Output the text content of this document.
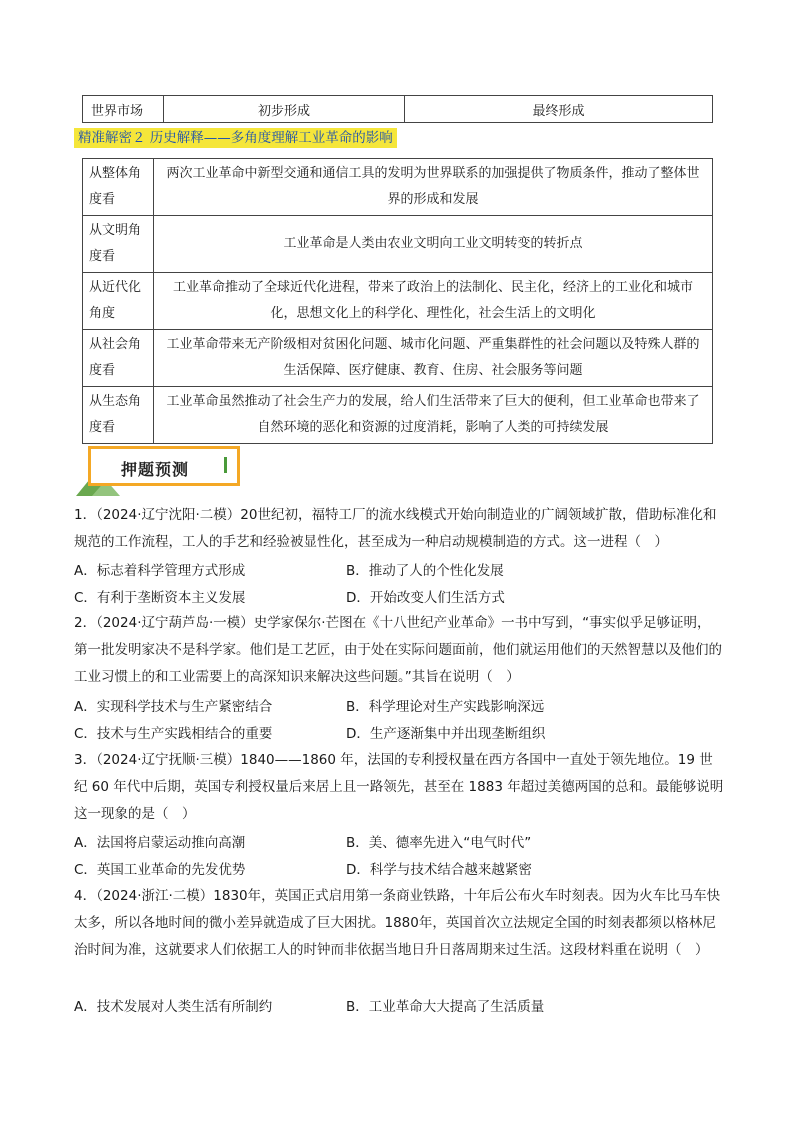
世界市场	初步形成	最终形成
精准解密２ 历史解释——多角度理解工业革命的影响
从整体角度看	两次工业革命中新型交通和通信工具的发明为世界联系的加强提供了物质条件，推动了整体世界的形成和发展
从文明角度看	工业革命是人类由农业文明向工业文明转变的转折点
从近代化角度	工业革命推动了全球近代化进程，带来了政治上的法制化、民主化，经济上的工业化和城市化，思想文化上的科学化、理性化，社会生活上的文明化
从社会角度看	工业革命带来无产阶级相对贫困化问题、城市化问题、严重集群性的社会问题以及特殊人群的生活保障、医疗健康、教育、住房、社会服务等问题
从生态角度看	工业革命虽然推动了社会生产力的发展，给人们生活带来了巨大的便利，但工业革命也带来了自然环境的恶化和资源的过度消耗，影响了人类的可持续发展
押题预测
1．（2024·辽宁沈阳·二模）20世纪初，福特工厂的流水线模式开始向制造业的广阔领域扩散，借助标准化和规范的工作流程，工人的手艺和经验被显性化，甚至成为一种启动规模制造的方式。这一进程（　）
A．标志着科学管理方式形成	B．推动了人的个性化发展
C．有利于垄断资本主义发展	D．开始改变人们生活方式
2．（2024·辽宁葫芦岛·一模）史学家保尔·芒图在《十八世纪产业革命》一书中写到，“事实似乎足够证明，第一批发明家决不是科学家。他们是工艺匠，由于处在实际问题面前，他们就运用他们的天然智慧以及他们的工业习惯上的和工业需要上的高深知识来解决这些问题。”其旨在说明（　）
A．实现科学技术与生产紧密结合	B．科学理论对生产实践影响深远
C．技术与生产实践相结合的重要	D．生产逐渐集中并出现垄断组织
3．（2024·辽宁抚顺·三模）1840——1860 年，法国的专利授权量在西方各国中一直处于领先地位。19 世纪 60 年代中后期，英国专利授权量后来居上且一路领先，甚至在 1883 年超过美德两国的总和。最能够说明这一现象的是（　）
A．法国将启蒙运动推向高潮	B．美、德率先进入“电气时代”
C．英国工业革命的先发优势	D．科学与技术结合越来越紧密
4．（2024·浙江·二模）1830年，英国正式启用第一条商业铁路，十年后公布火车时刻表。因为火车比马车快太多，所以各地时间的微小差异就造成了巨大困扰。1880年，英国首次立法规定全国的时刻表都须以格林尼治时间为准，这就要求人们依据工人的时钟而非依据当地日升日落周期来过生活。这段材料重在说明（　）
A．技术发展对人类生活有所制约	B．工业革命大大提高了生活质量
